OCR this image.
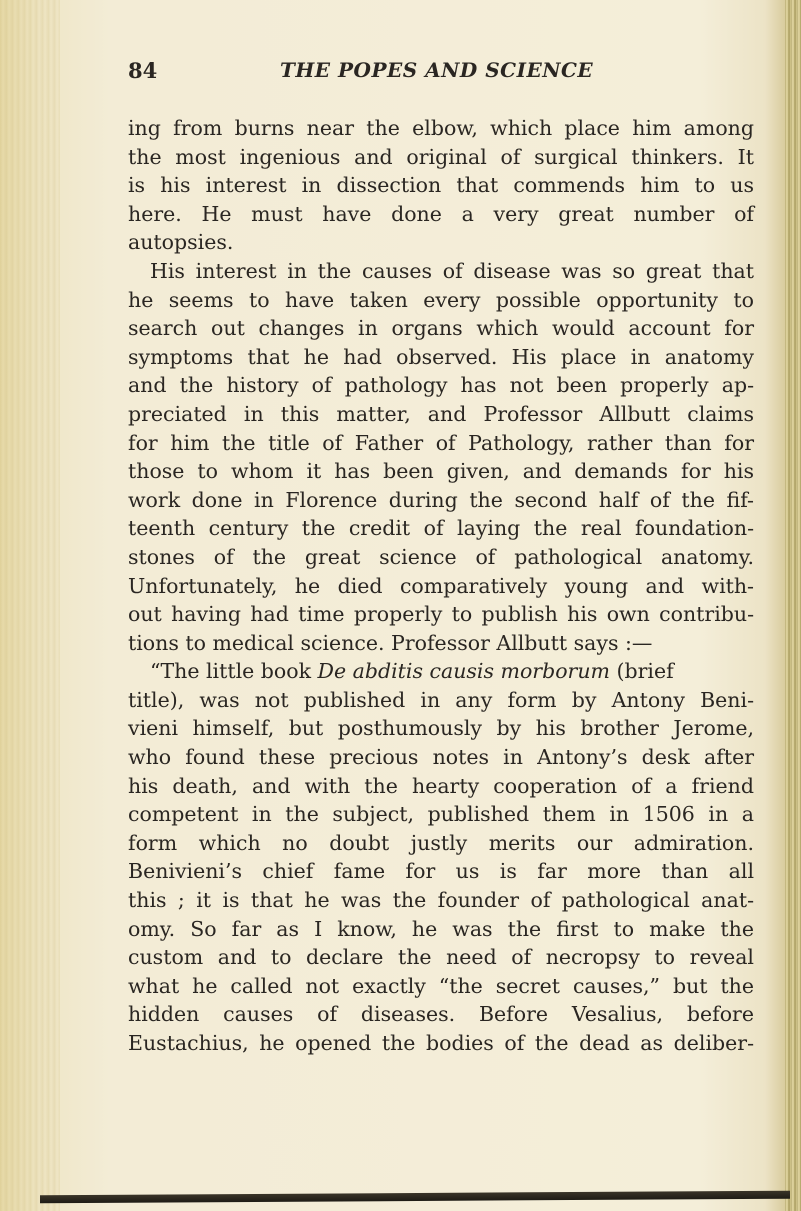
84	THE POPES AND SCIENCE
ing from burns near the elbow, which place him among
the most ingenious and original of surgical thinkers. It
is his interest in dissection that commends him to us
here. He must have done a very great number of
autopsies.
His interest in the causes of disease was so great that
he seems to have taken every possible opportunity to
search out changes in organs which would account for
symptoms that he had observed. His place in anatomy
and the history of pathology has not been properly ap-
preciated in this matter, and Professor Allbutt claims
for him the title of Father of Pathology, rather than for
those to whom it has been given, and demands for his
work done in Florence during the second half of the fif-
teenth century the credit of laying the real foundation-
stones of the great science of pathological anatomy.
Unfortunately, he died comparatively young and with-
out having had time properly to publish his own contribu-
tions to medical science. Professor Allbutt says :—
“The little book De abditis causis morborum (brief
title), was not published in any form by Antony Beni-
vieni himself, but posthumously by his brother Jerome,
who found these precious notes in Antony’s desk after
his death, and with the hearty cooperation of a friend
competent in the subject, published them in 1506 in a
form which no doubt justly merits our admiration.
Benivieni’s chief fame for us is far more than all
this ; it is that he was the founder of pathological anat-
omy. So far as I know, he was the first to make the
custom and to declare the need of necropsy to reveal
what he called not exactly “the secret causes,” but the
hidden causes of diseases. Before Vesalius, before
Eustachius, he opened the bodies of the dead as deliber-
